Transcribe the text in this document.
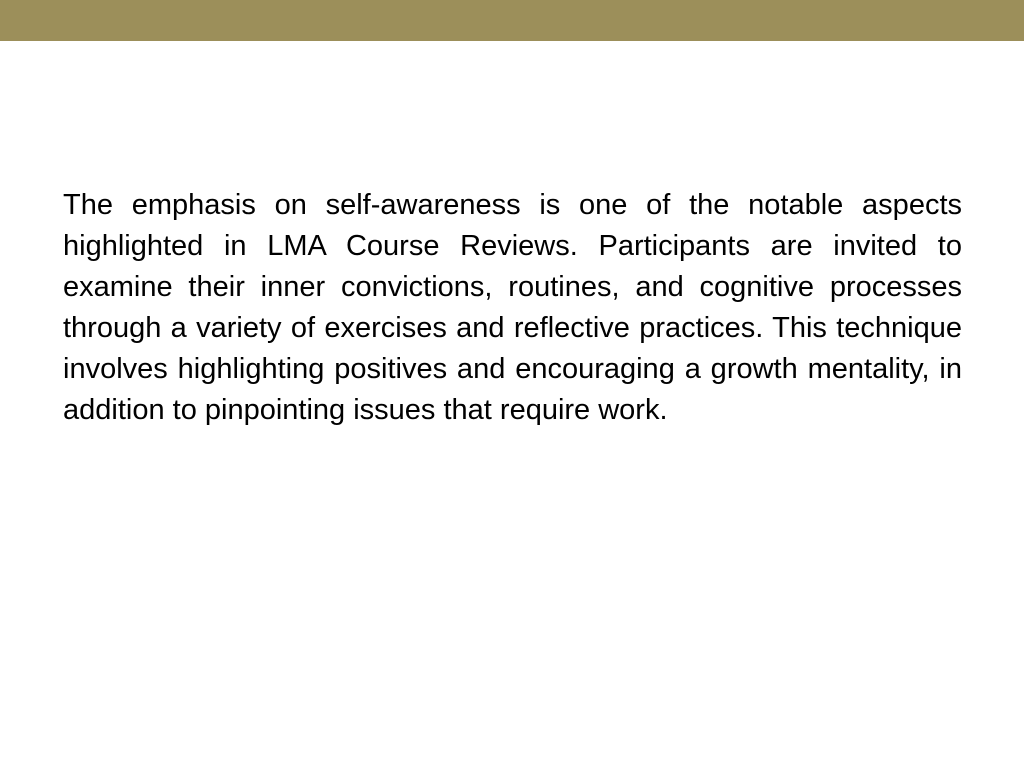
The emphasis on self-awareness is one of the notable aspects highlighted in LMA Course Reviews. Participants are invited to examine their inner convictions, routines, and cognitive processes through a variety of exercises and reflective practices. This technique involves highlighting positives and encouraging a growth mentality, in addition to pinpointing issues that require work.
